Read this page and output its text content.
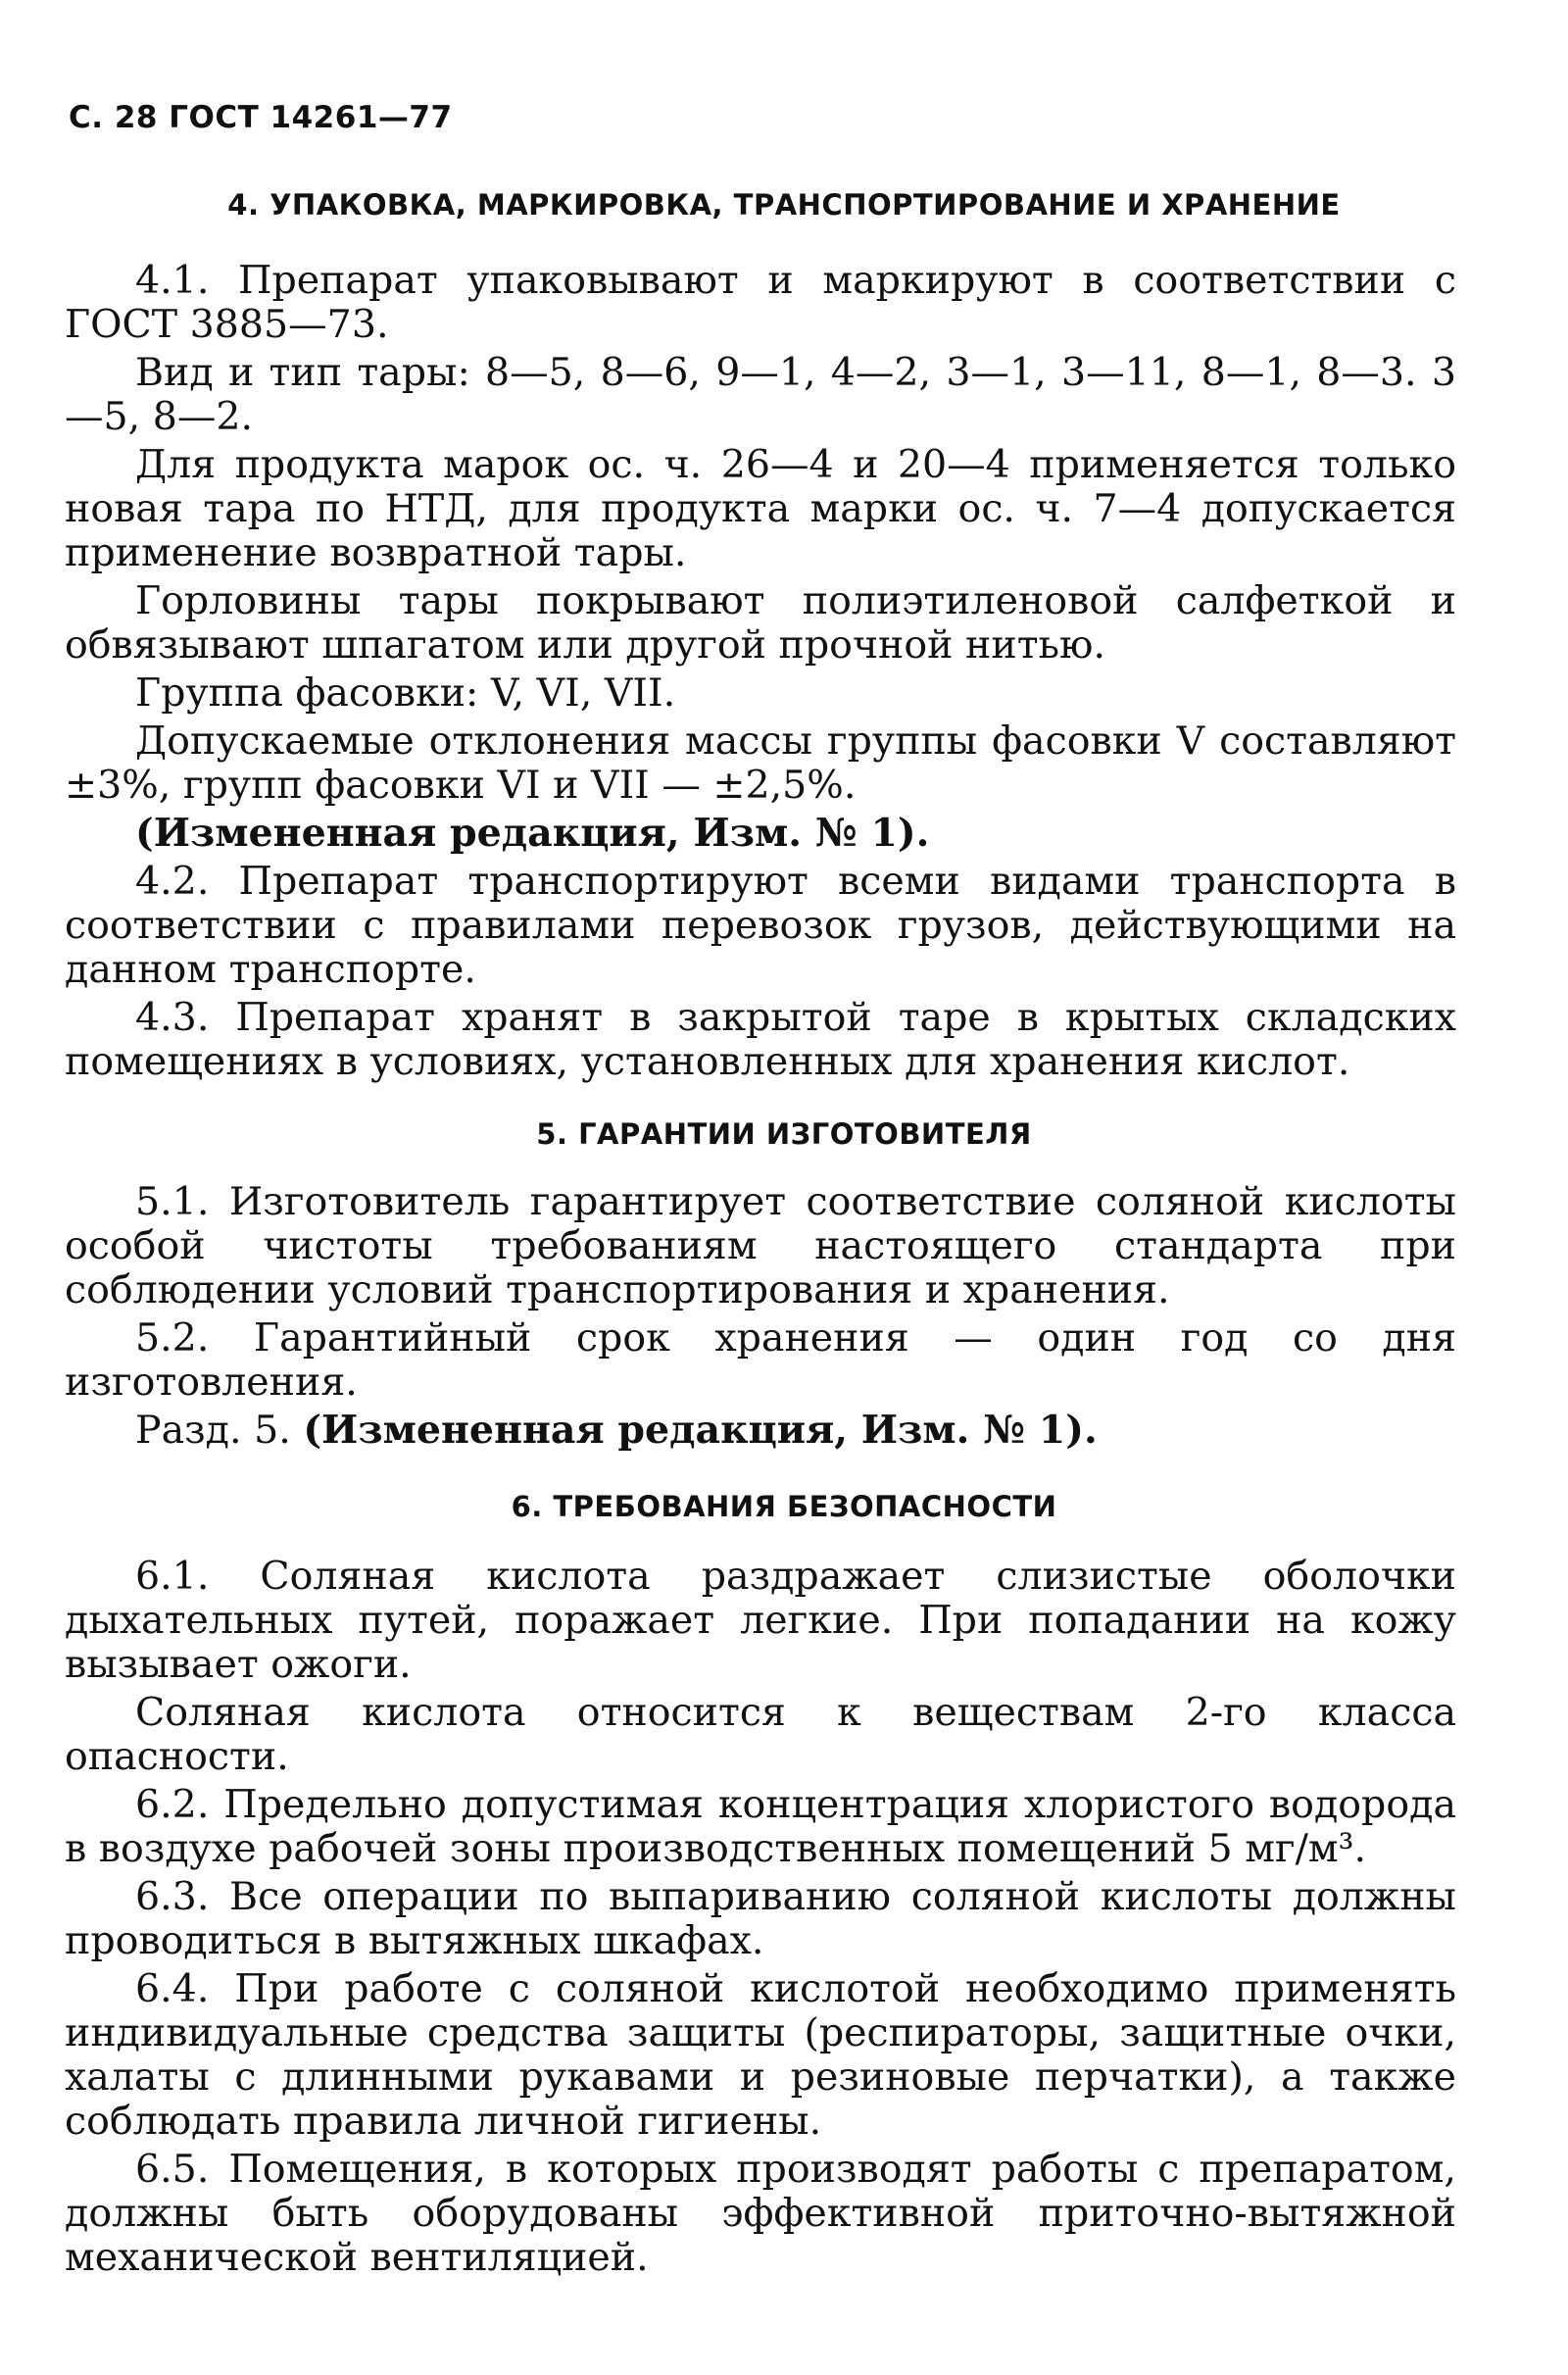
С. 28 ГОСТ 14261—77
4. УПАКОВКА, МАРКИРОВКА, ТРАНСПОРТИРОВАНИЕ И ХРАНЕНИЕ

4.1. Препарат упаковывают и маркируют в соответствии с ГОСТ 3885—73.

Вид и тип тары: 8—5, 8—6, 9—1, 4—2, 3—1, 3—11, 8—1, 8—3. 3—5, 8—2.

Для продукта марок ос. ч. 26—4 и 20—4 применяется только новая тара по НТД, для продукта марки ос. ч. 7—4 допускается применение возвратной тары.

Горловины тары покрывают полиэтиленовой салфеткой и обвязывают шпагатом или другой прочной нитью.

Группа фасовки: V, VI, VII.

Допускаемые отклонения массы группы фасовки V составляют ±3%, групп фасовки VI и VII — ±2,5%.

(Измененная редакция, Изм. № 1).

4.2. Препарат транспортируют всеми видами транспорта в соответствии с правилами перевозок грузов, действующими на данном транспорте.

4.3. Препарат хранят в закрытой таре в крытых складских помещениях в условиях, установленных для хранения кислот.

5. ГАРАНТИИ ИЗГОТОВИТЕЛЯ

5.1. Изготовитель гарантирует соответствие соляной кислоты особой чистоты требованиям настоящего стандарта при соблюдении условий транспортирования и хранения.

5.2. Гарантийный срок хранения — один год со дня изготовления.

Разд. 5. (Измененная редакция, Изм. № 1).

6. ТРЕБОВАНИЯ БЕЗОПАСНОСТИ

6.1. Соляная кислота раздражает слизистые оболочки дыхательных путей, поражает легкие. При попадании на кожу вызывает ожоги.

Соляная кислота относится к веществам 2-го класса опасности.

6.2. Предельно допустимая концентрация хлористого водорода в воздухе рабочей зоны производственных помещений 5 мг/м³.

6.3. Все операции по выпариванию соляной кислоты должны проводиться в вытяжных шкафах.

6.4. При работе с соляной кислотой необходимо применять индивидуальные средства защиты (респираторы, защитные очки, халаты с длинными рукавами и резиновые перчатки), а также соблюдать правила личной гигиены.

6.5. Помещения, в которых производят работы с препаратом, должны быть оборудованы эффективной приточно-вытяжной механической вентиляцией.
